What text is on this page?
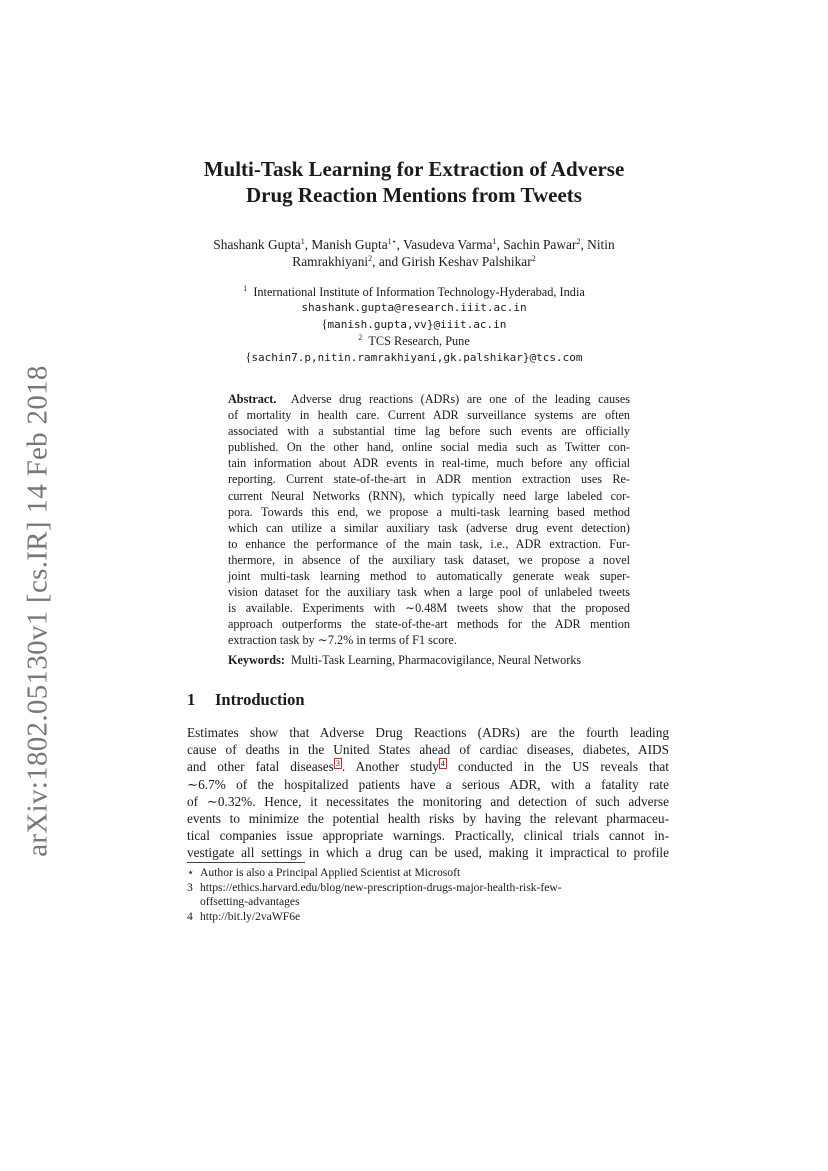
arXiv:1802.05130v1 [cs.IR] 14 Feb 2018
Multi-Task Learning for Extraction of Adverse
Drug Reaction Mentions from Tweets
Shashank Gupta$^1$, Manish Gupta$^{1⋆}$, Vasudeva Varma$^1$, Sachin Pawar$^2$, Nitin
Ramrakhiyani$^2$, and Girish Keshav Palshikar$^2$
$^1$ International Institute of Information Technology-Hyderabad, India
shashank.gupta@research.iiit.ac.in
{manish.gupta,vv}@iiit.ac.in
$^2$ TCS Research, Pune
{sachin7.p,nitin.ramrakhiyani,gk.palshikar}@tcs.com
Abstract. Adverse drug reactions (ADRs) are one of the leading causes
of mortality in health care. Current ADR surveillance systems are often
associated with a substantial time lag before such events are officially
published. On the other hand, online social media such as Twitter con-
tain information about ADR events in real-time, much before any official
reporting. Current state-of-the-art in ADR mention extraction uses Re-
current Neural Networks (RNN), which typically need large labeled cor-
pora. Towards this end, we propose a multi-task learning based method
which can utilize a similar auxiliary task (adverse drug event detection)
to enhance the performance of the main task, i.e., ADR extraction. Fur-
thermore, in absence of the auxiliary task dataset, we propose a novel
joint multi-task learning method to automatically generate weak super-
vision dataset for the auxiliary task when a large pool of unlabeled tweets
is available. Experiments with ∼0.48M tweets show that the proposed
approach outperforms the state-of-the-art methods for the ADR mention
extraction task by ∼7.2% in terms of F1 score.
Keywords: Multi-Task Learning, Pharmacovigilance, Neural Networks
1 Introduction
Estimates show that Adverse Drug Reactions (ADRs) are the fourth leading
cause of deaths in the United States ahead of cardiac diseases, diabetes, AIDS
and other fatal diseases $^3$ . Another study $^4$ conducted in the US reveals that
∼6.7% of the hospitalized patients have a serious ADR, with a fatality rate
of ∼0.32%. Hence, it necessitates the monitoring and detection of such adverse
events to minimize the potential health risks by having the relevant pharmaceu-
tical companies issue appropriate warnings. Practically, clinical trials cannot in-
vestigate all settings in which a drug can be used, making it impractical to profile
⋆ Author is also a Principal Applied Scientist at Microsoft
3 https://ethics.harvard.edu/blog/new-prescription-drugs-major-health-risk-few-
offsetting-advantages
4 http://bit.ly/2vaWF6e
